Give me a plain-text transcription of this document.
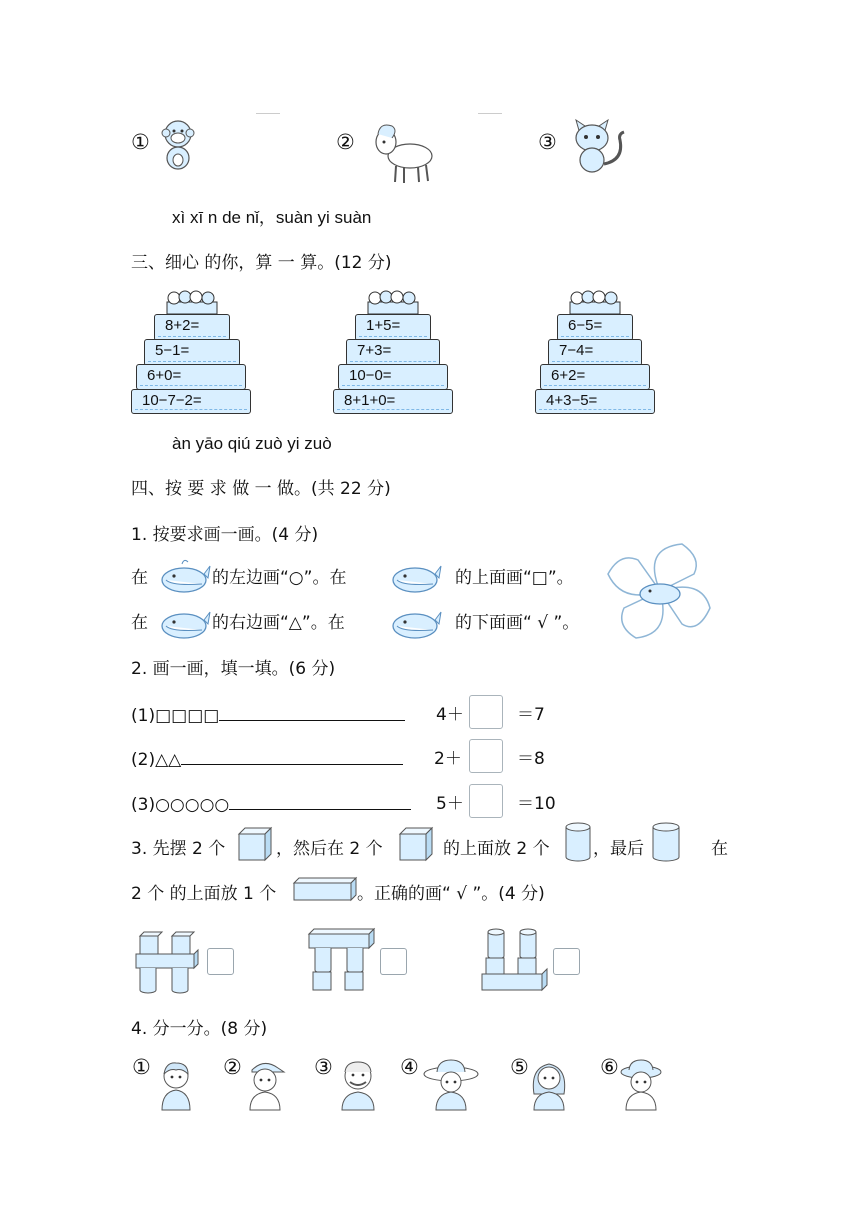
①	②	③
xì xī n de nǐ，suàn yi suàn
三、细心 的你，算 一 算。(12 分)
8+2=
5−1=
6+0=
10−7−2=
1+5=
7+3=
10−0=
8+1+0=
6−5=
7−4=
6+2=
4+3−5=
àn yāo qiú zuò yi zuò
四、按 要 求 做 一 做。(共 22 分)
1. 按要求画一画。(4 分)
在	的左边画“○”。在	的上面画“□”。
在	的右边画“△”。在	的下面画“ √ ”。
2. 画一画，填一填。(6 分)
(1)□□□□	4＋	＝7
(2)△△	2＋	＝8
(3)○○○○○	5＋	＝10
3. 先摆 2 个	，然后在 2 个	的上面放 2 个	，最后	在
2 个 的上面放 1 个	。正确的画“ √ ”。(4 分)
4. 分一分。(8 分)
①	②	③	④	⑤	⑥
